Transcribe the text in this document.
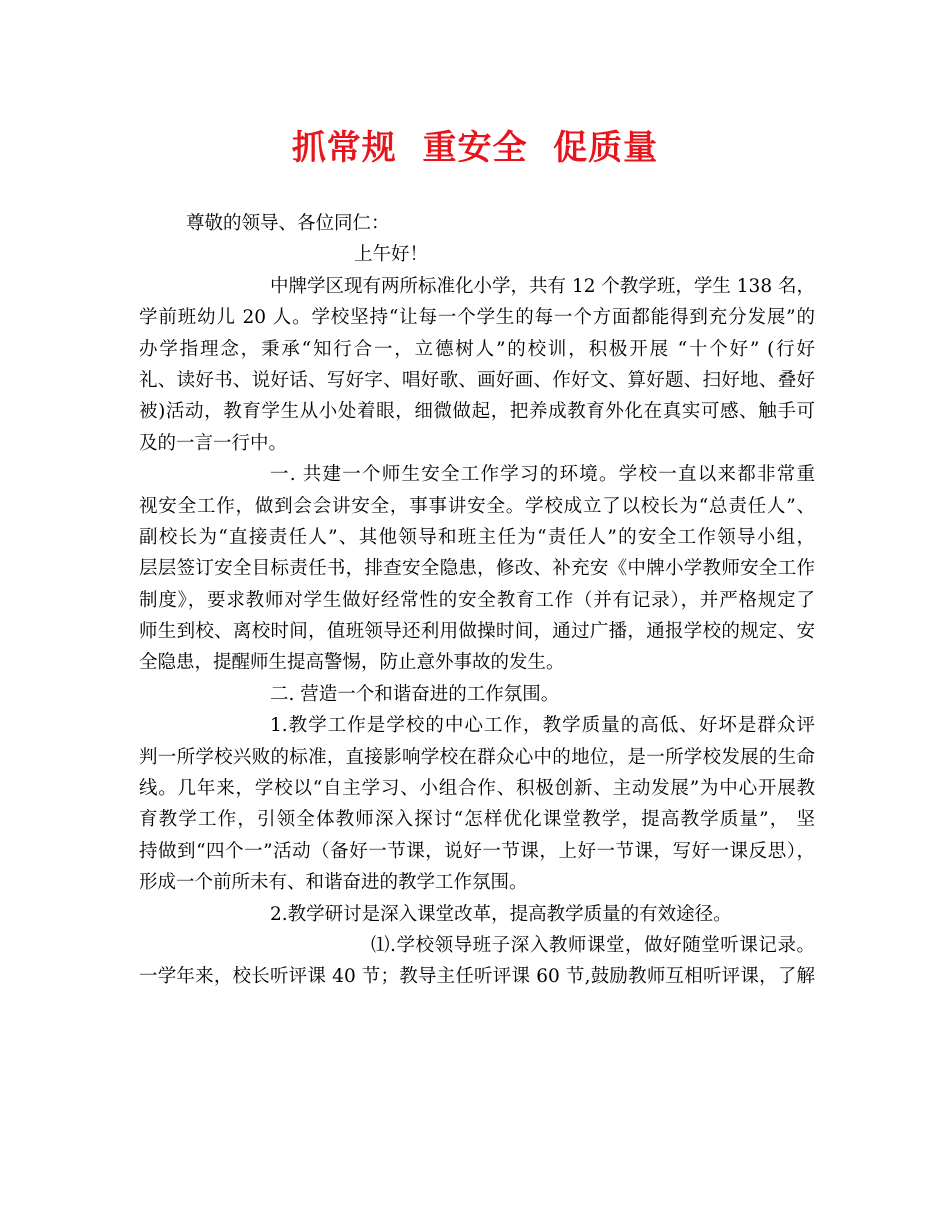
抓常规  重安全  促质量
尊敬的领导、各位同仁：
上午好！
中牌学区现有两所标准化小学，共有 12 个教学班，学生 138 名，
学前班幼儿 20 人。学校坚持“让每一个学生的每一个方面都能得到充分发展”的
办学指理念，秉承“知行合一，立德树人”的校训，积极开展 “十个好” (行好
礼、读好书、说好话、写好字、唱好歌、画好画、作好文、算好题、扫好地、叠好
被)活动，教育学生从小处着眼，细微做起，把养成教育外化在真实可感、触手可
及的一言一行中。
一. 共建一个师生安全工作学习的环境。学校一直以来都非常重
视安全工作，做到会会讲安全，事事讲安全。学校成立了以校长为“总责任人”、
副校长为“直接责任人”、其他领导和班主任为“责任人”的安全工作领导小组，
层层签订安全目标责任书，排查安全隐患，修改、补充安《中牌小学教师安全工作
制度》，要求教师对学生做好经常性的安全教育工作（并有记录），并严格规定了
师生到校、离校时间，值班领导还利用做操时间，通过广播，通报学校的规定、安
全隐患，提醒师生提高警惕，防止意外事故的发生。
二. 营造一个和谐奋进的工作氛围。
1.教学工作是学校的中心工作，教学质量的高低、好坏是群众评
判一所学校兴败的标准，直接影响学校在群众心中的地位，是一所学校发展的生命
线。几年来，学校以“自主学习、小组合作、积极创新、主动发展”为中心开展教
育教学工作，引领全体教师深入探讨“怎样优化课堂教学，提高教学质量”， 坚
持做到“四个一”活动（备好一节课，说好一节课，上好一节课，写好一课反思），
形成一个前所未有、和谐奋进的教学工作氛围。
2.教学研讨是深入课堂改革，提高教学质量的有效途径。
⑴.学校领导班子深入教师课堂，做好随堂听课记录。
一学年来，校长听评课 40 节；教导主任听评课 60 节,鼓励教师互相听评课，了解
